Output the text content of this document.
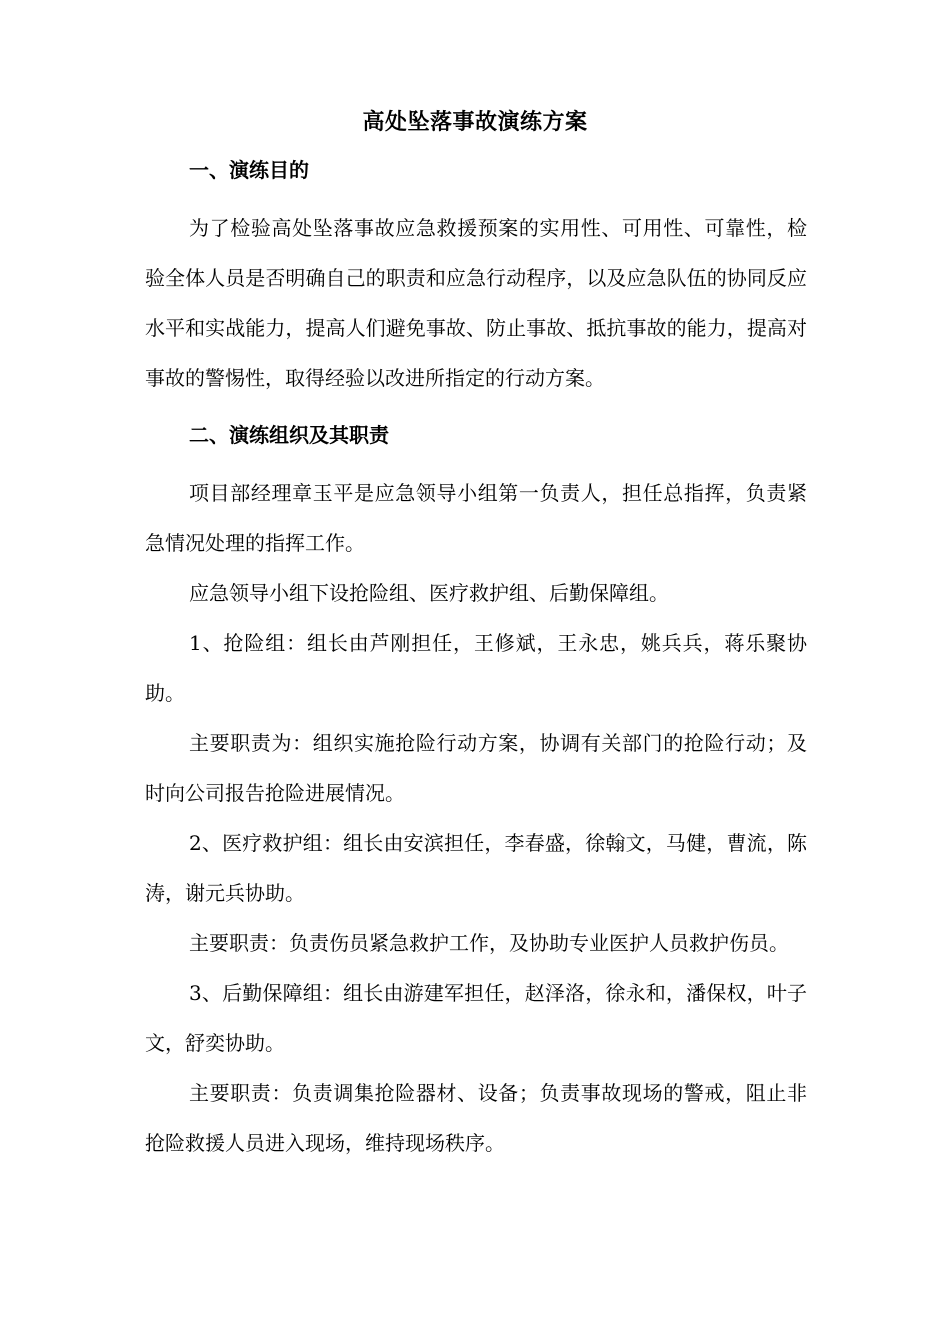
高处坠落事故演练方案
一、演练目的

为了检验高处坠落事故应急救援预案的实用性、可用性、可靠性，检验全体人员是否明确自己的职责和应急行动程序，以及应急队伍的协同反应水平和实战能力，提高人们避免事故、防止事故、抵抗事故的能力，提高对事故的警惕性，取得经验以改进所指定的行动方案。

二、演练组织及其职责

项目部经理章玉平是应急领导小组第一负责人，担任总指挥，负责紧急情况处理的指挥工作。

应急领导小组下设抢险组、医疗救护组、后勤保障组。

1、抢险组：组长由芦刚担任，王修斌，王永忠，姚兵兵，蒋乐聚协助。

主要职责为：组织实施抢险行动方案，协调有关部门的抢险行动；及时向公司报告抢险进展情况。

2、医疗救护组：组长由安滨担任，李春盛，徐翰文，马健，曹流，陈涛，谢元兵协助。

主要职责：负责伤员紧急救护工作，及协助专业医护人员救护伤员。

3、后勤保障组：组长由游建军担任，赵泽洛，徐永和，潘保权，叶子文，舒奕协助。

主要职责：负责调集抢险器材、设备；负责事故现场的警戒，阻止非抢险救援人员进入现场，维持现场秩序。
